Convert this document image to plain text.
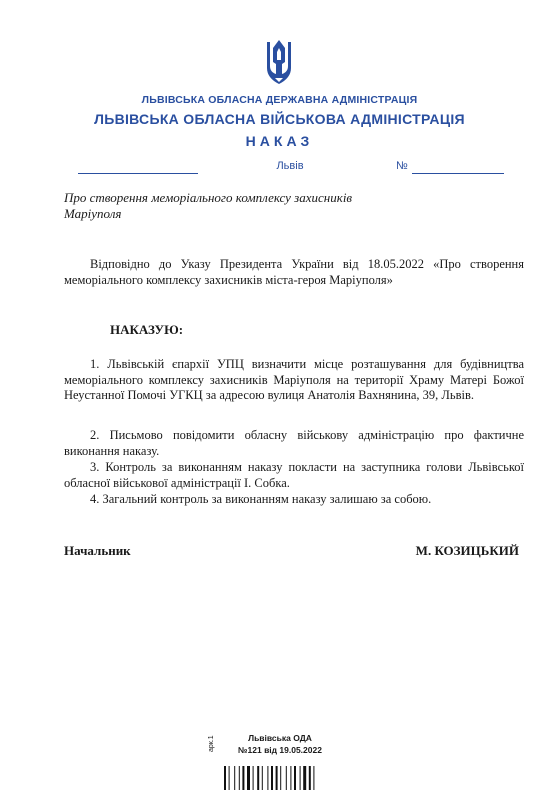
ЛЬВІВСЬКА ОБЛАСНА ДЕРЖАВНА АДМІНІСТРАЦІЯ
ЛЬВІВСЬКА ОБЛАСНА ВІЙСЬКОВА АДМІНІСТРАЦІЯ
НАКАЗ
Львів	№
Про створення меморіального комплексу захисників Маріуполя
Відповідно до Указу Президента України від 18.05.2022 «Про створення меморіального комплексу захисників міста-героя Маріуполя»
НАКАЗУЮ:
1. Львівській єпархії УПЦ визначити місце розташування для будівництва меморіального комплексу захисників Маріуполя на території Храму Матері Божої Неустанної Помочі УГКЦ за адресою вулиця Анатолія Вахнянина, 39, Львів.
2. Письмово повідомити обласну військову адміністрацію про фактичне виконання наказу.
3. Контроль за виконанням наказу покласти на заступника голови Львівської обласної військової адміністрації І. Собка.
4. Загальний контроль за виконанням наказу залишаю за собою.
Начальник	М. КОЗИЦЬКИЙ
Львівська ОДА
№121 від 19.05.2022
арк.1
